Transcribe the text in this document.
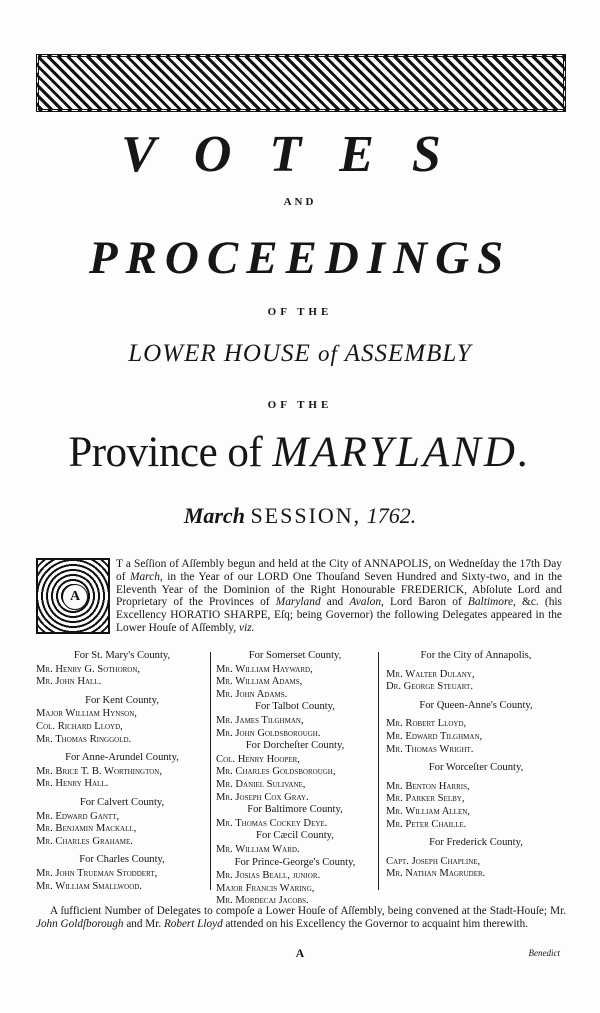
VOTES
AND
PROCEEDINGS
OF THE
LOWER HOUSE of ASSEMBLY
OF THE
Province of MARYLAND.
March SESSION, 1762.
A
T a Seſſion of Aſſembly begun and held at the City of ANNAPOLIS, on Wedneſday the 17th Day of March, in the Year of our LORD One Thouſand Seven Hundred and Sixty-two, and in the Eleventh Year of the Dominion of the Right Honourable FREDERICK, Abſolute Lord and Proprietary of the Provinces of Maryland and Avalon, Lord Baron of Baltimore, &c. (his Excellency HORATIO SHARPE, Eſq; being Governor) the following Delegates appeared in the Lower Houſe of Aſſembly, viz.
For St. Mary's County,
Mr. Henry G. Sothoron,
Mr. John Hall.
For Kent County,
Major William Hynson,
Col. Richard Lloyd,
Mr. Thomas Ringgold.
For Anne-Arundel County,
Mr. Brice T. B. Worthington,
Mr. Henry Hall.
For Calvert County,
Mr. Edward Gantt,
Mr. Benjamin Mackall,
Mr. Charles Grahame.
For Charles County,
Mr. John Trueman Stoddert,
Mr. William Smallwood.
For Somerset County,
Mr. William Hayward,
Mr. William Adams,
Mr. John Adams.
For Talbot County,
Mr. James Tilghman,
Mr. John Goldsborough.
For Dorcheſter County,
Col. Henry Hooper,
Mr. Charles Goldsborough,
Mr. Daniel Sulivane,
Mr. Joseph Cox Gray.
For Baltimore County,
Mr. Thomas Cockey Deye.
For Cæcil County,
Mr. William Ward.
For Prince-George's County,
Mr. Josias Beall, junior.
Major Francis Waring,
Mr. Mordecai Jacobs.
For the City of Annapolis,
Mr. Walter Dulany,
Dr. George Steuart.
For Queen-Anne's County,
Mr. Robert Lloyd,
Mr. Edward Tilghman,
Mr. Thomas Wright.
For Worceſter County,
Mr. Benton Harris,
Mr. Parker Selby,
Mr. William Allen,
Mr. Peter Chaille.
For Frederick County,
Capt. Joseph Chapline,
Mr. Nathan Magruder.
A ſufficient Number of Delegates to compoſe a Lower Houſe of Aſſembly, being convened at the Stadt-Houſe; Mr. John Goldſborough and Mr. Robert Lloyd attended on his Excellency the Governor to acquaint him therewith.
A	Benedict
